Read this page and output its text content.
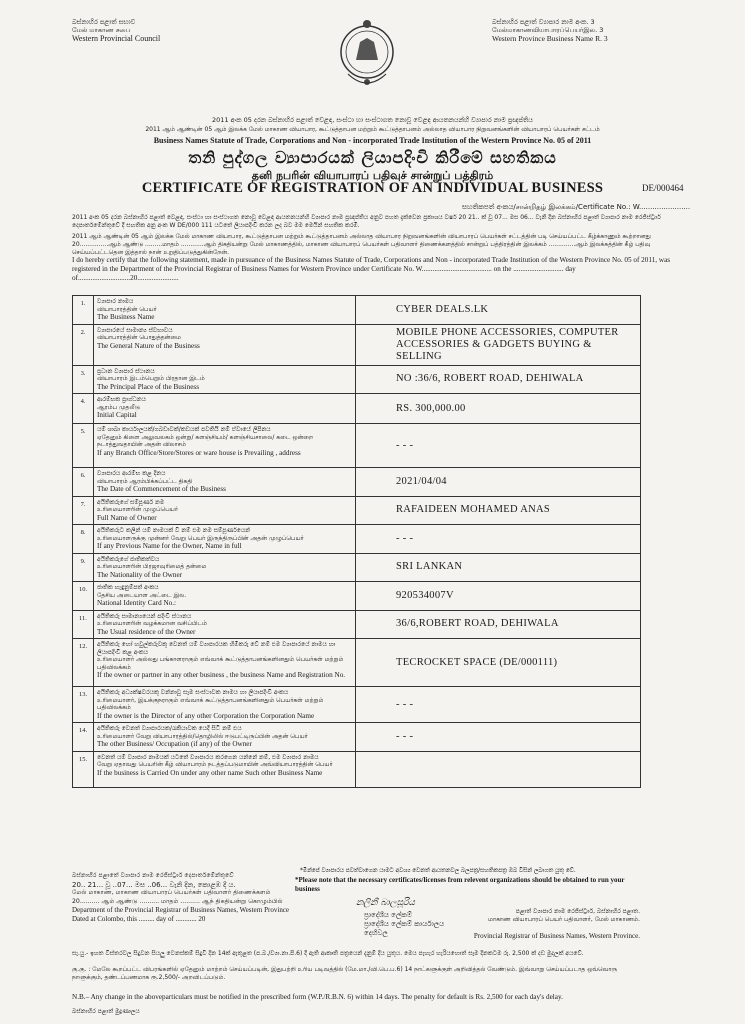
බස්නාහිර පළාත් සභාව
மேல் மாகாண சபை
Western Provincial Council
බස්නාහිර පළාත් ව්‍යාපාර නාම අංක. 3
மேல்மாகாணவியாபாரப்பெயர்இல. 3
Western Province Business Name R. 3
2011 අංක 05 දරන බස්නාහිර පළාත් වෙළඳ, සංස්ථා හා සංස්ථාගත නොවූ වෙළඳ ආයතනයන්හි ව්‍යාපාර නාම ප්‍රඥප්තිය
2011 ஆம் ஆண்டின் 05 ஆம் இலக்க மேல் மாகாண வியாபார, கூட்டுத்தாபன மற்றும் கூட்டுத்தாபனம் அல்லாத வியாபார நிறுவனங்களின் வியாபாரப் பெயர்கள் சட்டம்
Business Names Statute of Trade, Corporations and Non - incorporated Trade Institution of the Western Province No. 05 of 2011
තනි පුද්ගල ව්‍යාපාරයක් ලියාපදිංචි කිරීමේ සහතිකය
தனி நபரின் வியாபாரப் பதிவுச் சான்றுப் பத்திரம்
CERTIFICATE OF REGISTRATION OF AN INDIVIDUAL BUSINESS	DE/000464
සහතිකපත් අංකය/சான்றிதழ் இலக்கம்/Certificate No.: W.......................
2011 අංක 05 දරන බස්නාහිර පළාත් වෙළඳ, සංස්ථා හා සංස්ථාගත නොවූ වෙළඳ ආයතනයන්හි ව්‍යාපාර නාම ප්‍රඥප්තිය අනුව පහත දැක්වෙන ප්‍රකාශය වර්ෂ 20 21.. ක් වූ 07... මස 06... වැනි දින බස්නාහිර පළාත් ව්‍යාපාර නාම රෙජිස්ට්‍රාර් දෙපාර්තමේන්තුවේ දී සහතික අනු අංක W DE/000 111 යටතේ ලියාපදිංචි කරන ලද බව මම මෙයින් සහතික කරමි.
2011 ஆம் ஆண்டின் 05 ஆம் இலக்க மேல் மாகாண வியாபார, கூட்டுத்தாபன மற்றும் கூட்டுத்தாபனம் அல்லாத வியாபார நிறுவனங்களின் வியாபாரப் பெயர்கள் சட்டத்தின் படி செய்யப்பட்ட கீழ்க்காணும் கூற்றானது 20...............ஆம் ஆண்டு .........மாதம் ............ஆம் திகதியன்று மேல் மாகாணத்தில், மாகாண வியாபாரப் பெயர்கள் பதிவாளர் திணைக்களத்தில் சான்றுப் பத்திரத்தின் இலக்கம் ..............ஆம் இலக்கத்தின் கீழ் பதிவு செய்யப்பட்டதென இத்தால் நான் உறுதிப்படுத்துகின்றேன்.
I do hereby certify that the following statement, made in pursuance of the Business Names Statute of Trade, Corporations and Non - incorporated Trade Institution of the Western Province No. 05 of 2011, was registered in the Department of the Provincial Registrar of Business Names for Western Province under Certificate No. W....................................... on the ............................ day of.............................20.......................
1.	ව්‍යාපාර නාමය
வியாபாரத்தின் பெயர்
The Business Name	CYBER DEALS.LK
2.	ව්‍යාපාරයේ සාමාන්‍ය ස්වභාවය
வியாபாரத்தின் பொதுத்தன்மை
The General Nature of the Business	MOBILE PHONE ACCESSORIES, COMPUTER ACCESSORIES & GADGETS BUYING & SELLING
3.	ප්‍රධාන ව්‍යාපාර ස්ථානය
வியாபாரம் இடம்பெறும் பிரதான இடம்
The Principal Place of the Business	NO :36/6, ROBERT ROAD, DEHIWALA
4.	ආරම්භක ප්‍රාග්ධනය
ஆரம்ப முதலீடு
Initial Capital	RS. 300,000.00
5.	යම් ශාඛා කාර්යාලයක්/ගබඩාවක්/කඩයක් පවතියි නම් ඒවායේ ලිපිනය
ஏதேனும் கிளை அலுவலகம் ஒன்று/ களஞ்சியம்/ களஞ்சியசாலை/ கடை ஒன்றை நடாத்துவதாயின் அதன் விலாசம்
If any Branch Office/Store/Stores or ware house is Prevailing , address	- - -
6.	ව්‍යාපාරය ආරම්භ කළ දිනය
வியாபாரம் ஆரம்பிக்கப்பட்ட திகதி
The Date of Commencement of the Business	2021/04/04
7.	අයිතිකරුගේ සම්පූර්ණ නම
உரிமையாளரின் முழுப்பெயர்
Full Name of Owner	RAFAIDEEN MOHAMED ANAS
8.	අයිතිකරුට කලින් යම් නාමයක් වී නම් එම නම සම්පූර්ණයෙන්
உரிமையாளருக்கு முன்னர் வேறு பெயர் இருந்திருப்பின் அதன் முழுப்பெயர்
If any Previous Name for the Owner, Name in full	- - -
9.	අයිතිකරුගේ ජාතිකත්වය
உரிமையாளரின் பிரஜாவுரிமைத் தன்மை
The Nationality of the Owner	SRI LANKAN
10.	ජාතික හැඳුනුම්පත් අංකය
தேசிய அடையாள அட்டை இல.
National Identity Card No.:	920534007V
11.	අයිතිකරු සාමාන්‍යයෙන් පදිංචි ස්ථානය
உரிமையாளரின் வழக்கமான வசிப்பிடம்
The Usual residence of the Owner	36/6,ROBERT ROAD, DEHIWALA
12.	අයිතිකරු හෝ හවුල්කරුවකු වෙනත් යම් ව්‍යාපාරයක හිමිකරු වේ නම් එම ව්‍යාපාරයේ නාමය හා ලියාපදිංචි කළ අංකය
உரிமையாளர் அல்லது பங்காளராகும் எவ்வாக் கூட்டுத்தாபனங்களினதும் பெயர்கள் மற்றும் பதிவிலக்கம்
If the owner or partner in any other business , the business Name and Registration No.	TECROCKET SPACE (DE/000111)
13.	අයිතිකරු අධ්‍යක්ෂවරයකු වන්නාවූ සෑම සංස්ථාවක නාමය හා ලියාපදිංචි අංකය
உரிமையாளர், இயக்குநராகும் எவ்வாக் கூட்டுத்தாபனங்களினதும் பெயர்கள் மற்றும் பதிவிலக்கம்
If the owner is the Director of any other Corporation the Corporation Name	- - -
14.	අයිතිකරු වෙනත් ව්‍යාපාරයක/රැකියාවක යෙදී සිටී නම් එය
உரிமையாளர் வேறு வியாபாரத்தில்/தொழிலில் ஈடுபட்டிருப்பின் அதன் பெயர்
The other Business/ Occupation (if any) of the Owner	- - -
15.	වෙනත් යම් ව්‍යාපාර නාමයක් යටතේ ව්‍යාපාරය කරගෙන යන්නේ නම්, එම ව්‍යාපාර නාමය
வேறு ஏதாவது பெயரின் கீழ் வியாபாரம் நடத்தப்படுமாயின் அவ்வியாபாரத்தின் பெயர்
If the business is Carried On under any other name Such other Business Name	

බස්නාහිර පළාතේ ව්‍යාපාර නාම රෙජිස්ට්‍රාර් දෙපාර්තමේන්තුවේ
20.. 21... වූ ..07... මස ..06... වැනි දින, කොළඹ දී ය.
மேல் மாகாண, மாகாண வியாபாரப் பெயர்கள் பதிவாளர் திணைக்களம்
20.......... ஆம் ஆண்டு .......... மாதம் .......... ஆந் திகதியன்று கொழும்பில்
Department of the Provincial Registrar of Business Names, Western Province
Dated at Colombo, this ......... day of ............ 20
*මින්පේ ව්‍යාපාරය පවත්වාගෙන යාමට අවශ්‍ය වෙනත් ආයතනවල බලපත්‍ර/සහතිකපත්‍ර ඔබ විසින් ලබාගත යුතු වේ.
*Please note that the necessary certificates/licenses from relevent organizations should be obtained to run your business
නලිනී බාලසූරිය
ප්‍රාදේශීය ලේකම්
ප්‍රාදේශීය ලේකම් කාර්යාලය
දෙහිවල
පළාත් ව්‍යාපාර නාම රෙජිස්ට්‍රාර්, බස්නාහිර පළාත.
மாகாண வியாபாரப் பெயர் பதிவாளர், மேல் மாகாணம்.
Provincial Registrar of Business Names, Western Province.
සැ.යු.- ඉහත විස්තරවල සිදුවන සියලු වෙනස්කම් සිදුවී දින 14ක් ඇතුළත (ප.බ./ව්‍යා.නා.පි.6) දී ඇති ආකෘති පත්‍රයෙන් දැනුම් දිය යුතුය. මෙය පැහැර හැරියහොත් සෑම දිනකටම රු. 2,500 ක් දඩ මුදලක් අයවේ.
கு.கு. : மேலே கூறப்பட்ட விபரங்களில் ஏதேனும் மாற்றம் செய்யப்படின், இதுபற்றி உரிய படிவத்தில் (மே.மா./வி.பெ.ப.6) 14 நாட்களுக்குள் அறிவித்தல் வேண்டும். இவ்வாறு செய்யப்படாத ஒவ்வொரு நாளுக்கும், தண்டப்பணமாக ரூ.2,500/- அறவிடப்படும்.
N.B.– Any change in the aboveparticulars must be notified in the prescribed form (W.P./R.B.N. 6) within 14 days. The penalty for default is Rs. 2,500 for each day's delay.
බස්නාහිර පළාත් මුද්‍රණාලය
